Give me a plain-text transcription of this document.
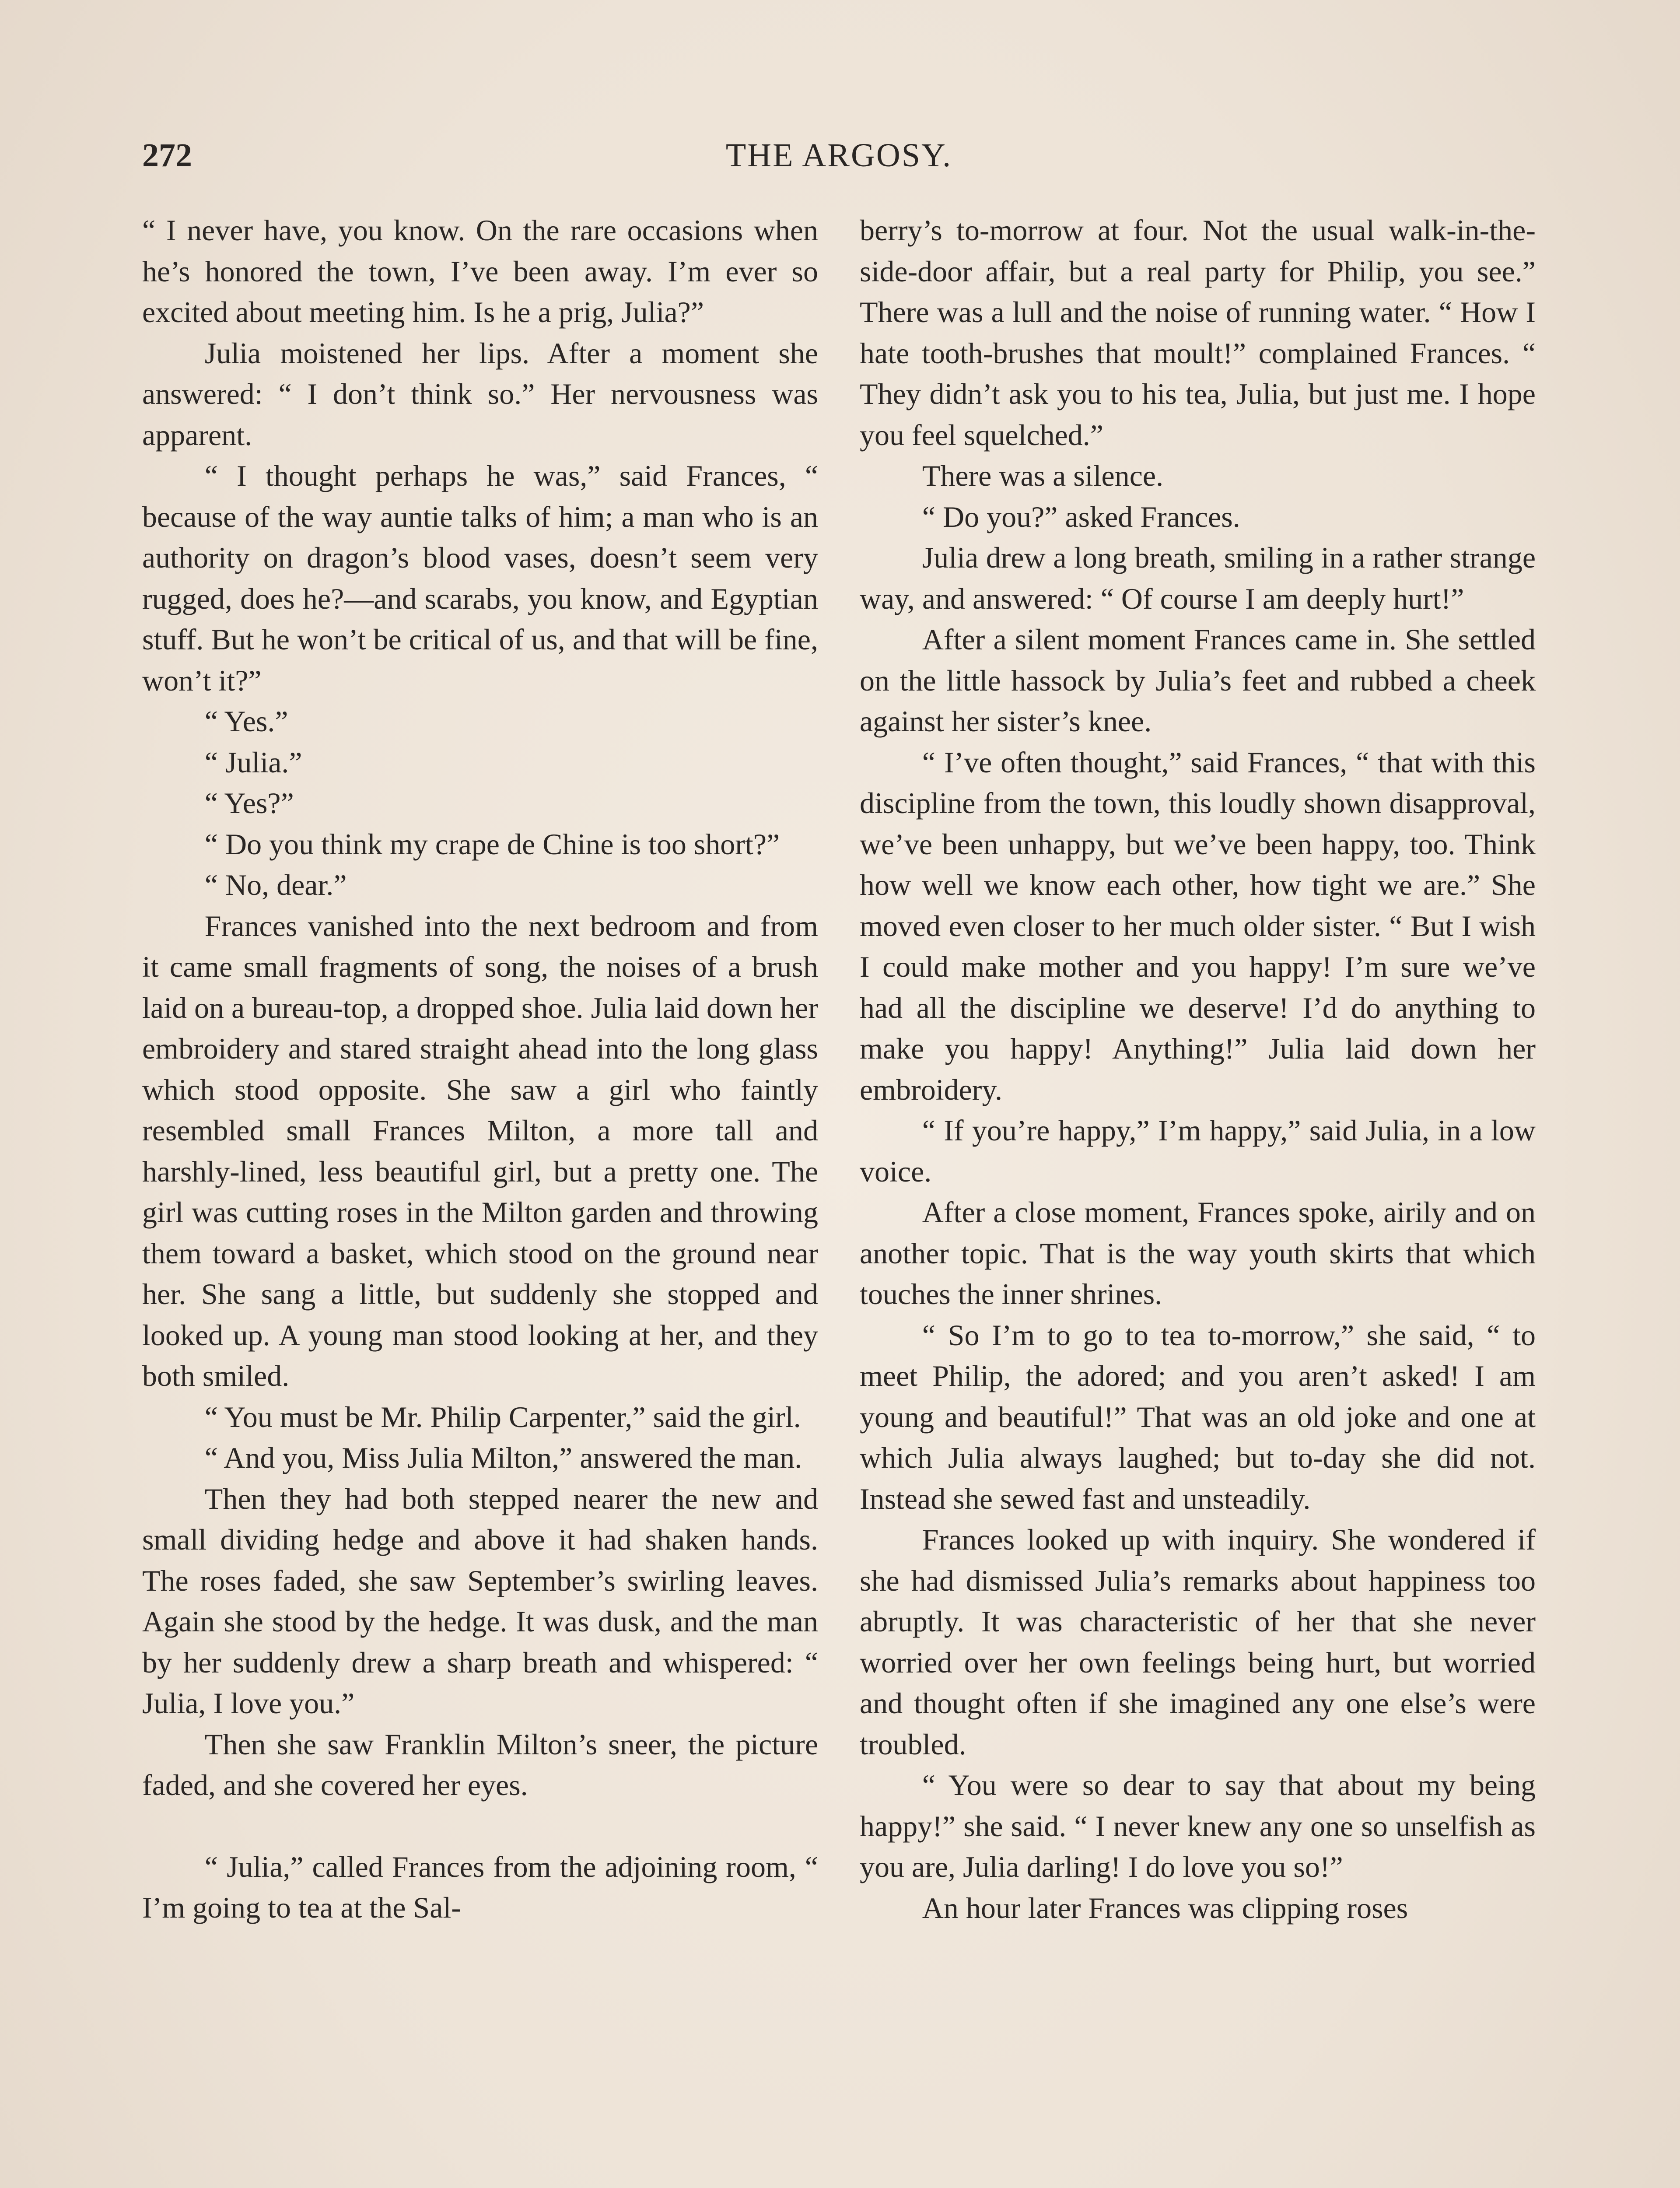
272	THE ARGOSY.

“ I never have, you know. On the rare occasions when he’s honored the town, I’ve been away. I’m ever so excited about meeting him. Is he a prig, Julia?”

Julia moistened her lips. After a moment she answered: “ I don’t think so.” Her nervousness was apparent.

“ I thought perhaps he was,” said Frances, “ because of the way auntie talks of him; a man who is an authority on dragon’s blood vases, doesn’t seem very rugged, does he?—and scarabs, you know, and Egyptian stuff. But he won’t be critical of us, and that will be fine, won’t it?”

“ Yes.”

“ Julia.”

“ Yes?”

“ Do you think my crape de Chine is too short?”

“ No, dear.”

Frances vanished into the next bedroom and from it came small fragments of song, the noises of a brush laid on a bureau-top, a dropped shoe. Julia laid down her embroidery and stared straight ahead into the long glass which stood opposite. She saw a girl who faintly resembled small Frances Milton, a more tall and harshly-lined, less beautiful girl, but a pretty one. The girl was cutting roses in the Milton garden and throwing them toward a basket, which stood on the ground near her. She sang a little, but suddenly she stopped and looked up. A young man stood looking at her, and they both smiled.

“ You must be Mr. Philip Carpenter,” said the girl.

“ And you, Miss Julia Milton,” answered the man.

Then they had both stepped nearer the new and small dividing hedge and above it had shaken hands. The roses faded, she saw September’s swirling leaves. Again she stood by the hedge. It was dusk, and the man by her suddenly drew a sharp breath and whispered: “ Julia, I love you.”

Then she saw Franklin Milton’s sneer, the picture faded, and she covered her eyes.

“ Julia,” called Frances from the adjoining room, “ I’m going to tea at the Sal-

berry’s to-morrow at four. Not the usual walk-in-the-side-door affair, but a real party for Philip, you see.” There was a lull and the noise of running water. “ How I hate tooth-brushes that moult!” complained Frances. “ They didn’t ask you to his tea, Julia, but just me. I hope you feel squelched.”

There was a silence.

“ Do you?” asked Frances.

Julia drew a long breath, smiling in a rather strange way, and answered: “ Of course I am deeply hurt!”

After a silent moment Frances came in. She settled on the little hassock by Julia’s feet and rubbed a cheek against her sister’s knee.

“ I’ve often thought,” said Frances, “ that with this discipline from the town, this loudly shown disapproval, we’ve been unhappy, but we’ve been happy, too. Think how well we know each other, how tight we are.” She moved even closer to her much older sister. “ But I wish I could make mother and you happy! I’m sure we’ve had all the discipline we deserve! I’d do anything to make you happy! Anything!” Julia laid down her embroidery.

“ If you’re happy,” I’m happy,” said Julia, in a low voice.

After a close moment, Frances spoke, airily and on another topic. That is the way youth skirts that which touches the inner shrines.

“ So I’m to go to tea to-morrow,” she said, “ to meet Philip, the adored; and you aren’t asked! I am young and beautiful!” That was an old joke and one at which Julia always laughed; but to-day she did not. Instead she sewed fast and unsteadily.

Frances looked up with inquiry. She wondered if she had dismissed Julia’s remarks about happiness too abruptly. It was characteristic of her that she never worried over her own feelings being hurt, but worried and thought often if she imagined any one else’s were troubled.

“ You were so dear to say that about my being happy!” she said. “ I never knew any one so unselfish as you are, Julia darling! I do love you so!”

An hour later Frances was clipping roses
